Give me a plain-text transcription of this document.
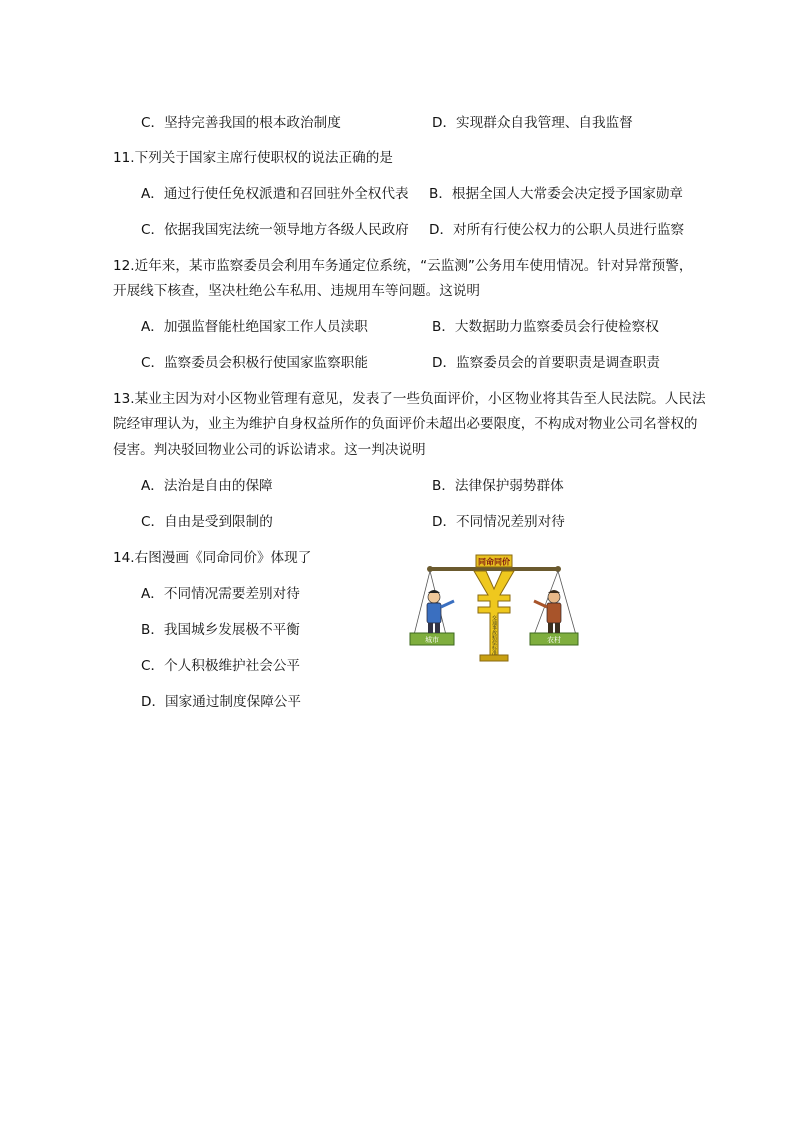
C．坚持完善我国的根本政治制度	D．实现群众自我管理、自我监督
11.下列关于国家主席行使职权的说法正确的是
A．通过行使任免权派遣和召回驻外全权代表 B．根据全国人大常委会决定授予国家勋章
C．依据我国宪法统一领导地方各级人民政府 D．对所有行使公权力的公职人员进行监察
12.近年来，某市监察委员会利用车务通定位系统，“云监测”公务用车使用情况。针对异常预警，
开展线下核查，坚决杜绝公车私用、违规用车等问题。这说明
A．加强监督能杜绝国家工作人员渎职	B．大数据助力监察委员会行使检察权
C．监察委员会积极行使国家监察职能	D．监察委员会的首要职责是调查职责
13.某业主因为对小区物业管理有意见，发表了一些负面评价，小区物业将其告至人民法院。人民法
院经审理认为，业主为维护自身权益所作的负面评价未超出必要限度，不构成对物业公司名誉权的
侵害。判决驳回物业公司的诉讼请求。这一判决说明
A．法治是自由的保障	B．法律保护弱势群体
C．自由是受到限制的	D．不同情况差别对待
14.右图漫画《同命同价》体现了
A．不同情况需要差别对待
B．我国城乡发展极不平衡
C．个人积极维护社会公平
D．国家通过制度保障公平
同命同价
交通事故赔偿标准
城市	农村
